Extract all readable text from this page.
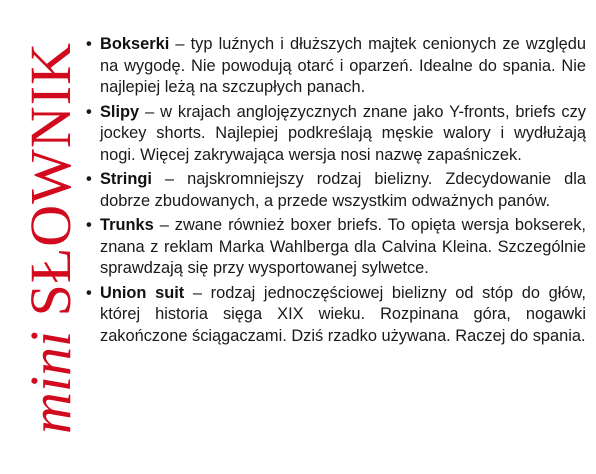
mini SŁOWNIK • Bokserki – typ luźnych i dłuższych majtek cenionych ze względu na wygodę. Nie powodują otarć i oparzeń. Idealne do spania. Nie najlepiej leżą na szczupłych panach.
• Slipy – w krajach anglojęzycznych znane jako Y-fronts, briefs czy jockey shorts. Najlepiej podkreślają męskie walory i wydłużają nogi. Więcej zakrywająca wersja nosi nazwę zapaśniczek.
• Stringi – najskromniejszy rodzaj bielizny. Zdecydowanie dla dobrze zbudowanych, a przede wszystkim odważnych panów.
• Trunks – zwane również boxer briefs. To opięta wersja bokserek, znana z reklam Marka Wahlberga dla Calvina Kleina. Szczególnie sprawdzają się przy wysportowanej sylwetce.
• Union suit – rodzaj jednoczęściowej bielizny od stóp do głów, której historia sięga XIX wieku. Rozpinana góra, nogawki zakończone ściągaczami. Dziś rzadko używana. Raczej do spania.
